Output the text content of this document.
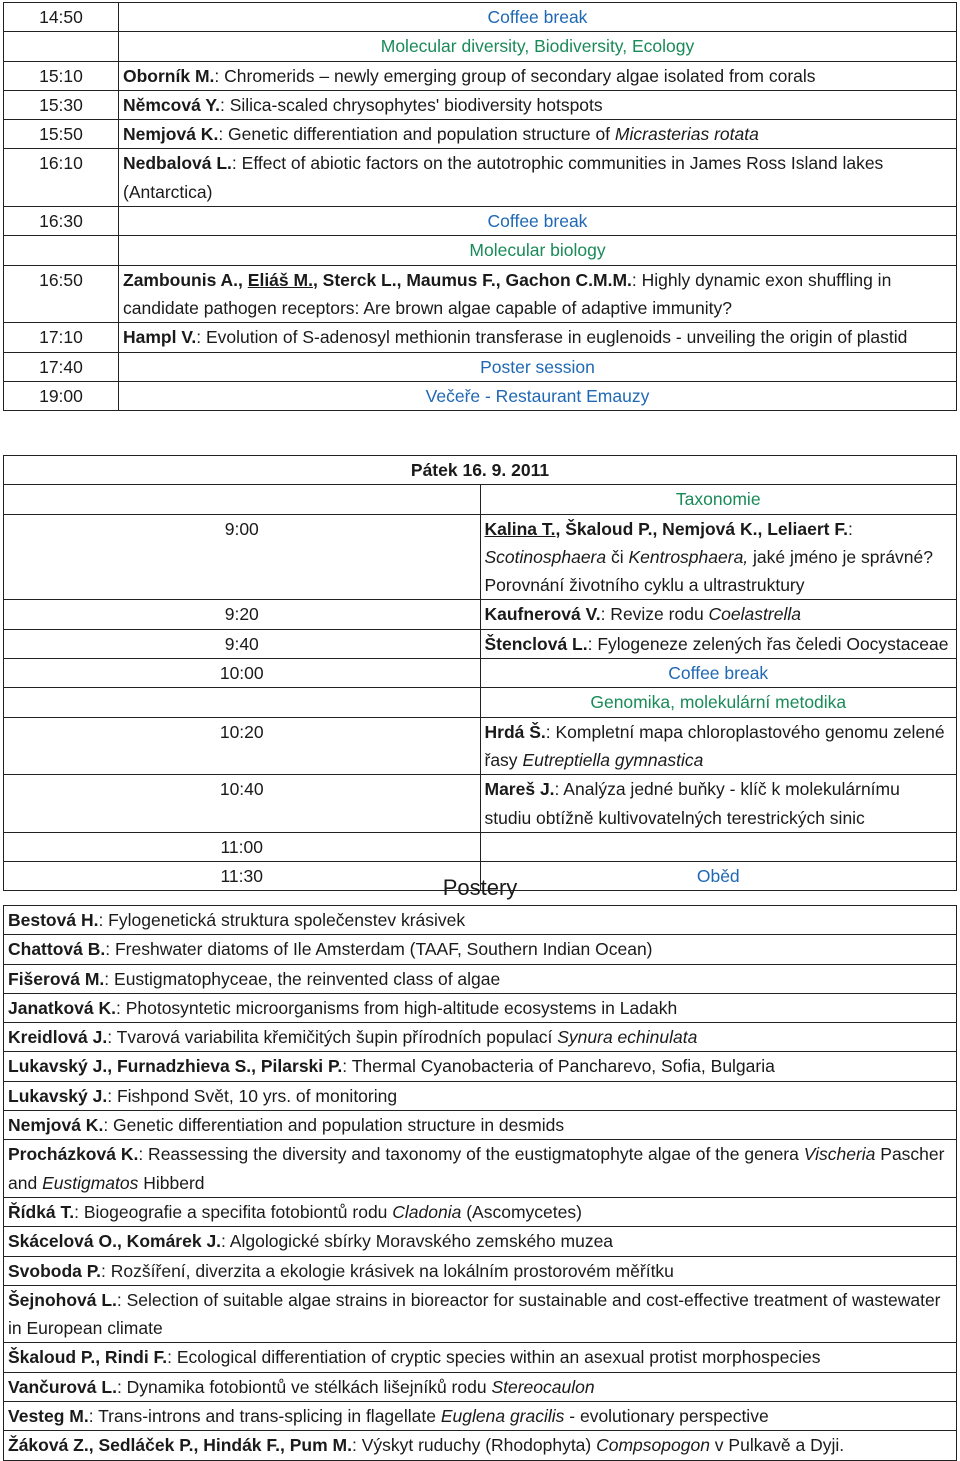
14:50	Coffee break
	Molecular diversity, Biodiversity, Ecology
15:10	Oborník M.: Chromerids – newly emerging group of secondary algae isolated from corals
15:30	Němcová Y.: Silica-scaled chrysophytes' biodiversity hotspots
15:50	Nemjová K.: Genetic differentiation and population structure of Micrasterias rotata
16:10	Nedbalová L.: Effect of abiotic factors on the autotrophic communities in James Ross Island lakes (Antarctica)
16:30	Coffee break
	Molecular biology
16:50	Zambounis A., Eliáš M., Sterck L., Maumus F., Gachon C.M.M.: Highly dynamic exon shuffling in candidate pathogen receptors: Are brown algae capable of adaptive immunity?
17:10	Hampl V.: Evolution of S-adenosyl methionin transferase in euglenoids - unveiling the origin of plastid
17:40	Poster session
19:00	Večeře - Restaurant Emauzy
Pátek 16. 9. 2011	
	Taxonomie
9:00	Kalina T., Škaloud P., Nemjová K., Leliaert F.: Scotinosphaera či Kentrosphaera, jaké jméno je správné? Porovnání životního cyklu a ultrastruktury
9:20	Kaufnerová V.: Revize rodu Coelastrella
9:40	Štenclová L.: Fylogeneze zelených řas čeledi Oocystaceae
10:00	Coffee break
	Genomika, molekulární metodika
10:20	Hrdá Š.: Kompletní mapa chloroplastového genomu zelené řasy Eutreptiella gymnastica
10:40	Mareš J.: Analýza jedné buňky - klíč k molekulárnímu studiu obtížně kultivovatelných terestrických sinic
11:00	
11:30	Oběd
Postery
Bestová H.: Fylogenetická struktura společenstev krásivek
Chattová B.: Freshwater diatoms of Ile Amsterdam (TAAF, Southern Indian Ocean)
Fišerová M.: Eustigmatophyceae, the reinvented class of algae
Janatková K.: Photosyntetic microorganisms from high-altitude ecosystems in Ladakh
Kreidlová J.: Tvarová variabilita křemičitých šupin přírodních populací Synura echinulata
Lukavský J., Furnadzhieva S., Pilarski P.: Thermal Cyanobacteria of Pancharevo, Sofia, Bulgaria
Lukavský J.: Fishpond Svět, 10 yrs. of monitoring
Nemjová K.: Genetic differentiation and population structure in desmids
Procházková K.: Reassessing the diversity and taxonomy of the eustigmatophyte algae of the genera Vischeria Pascher and Eustigmatos Hibberd
Řídká T.: Biogeografie a specifita fotobiontů rodu Cladonia (Ascomycetes)
Skácelová O., Komárek J.: Algologické sbírky Moravského zemského muzea
Svoboda P.: Rozšíření, diverzita a ekologie krásivek na lokálním prostorovém měřítku
Šejnohová L.: Selection of suitable algae strains in bioreactor for sustainable and cost-effective treatment of wastewater in European climate
Škaloud P., Rindi F.: Ecological differentiation of cryptic species within an asexual protist morphospecies
Vančurová L.: Dynamika fotobiontů ve stélkách lišejníků rodu Stereocaulon
Vesteg M.: Trans-introns and trans-splicing in flagellate Euglena gracilis - evolutionary perspective
Žáková Z., Sedláček P., Hindák F., Pum M.: Výskyt ruduchy (Rhodophyta) Compsopogon v Pulkavě a Dyji.
